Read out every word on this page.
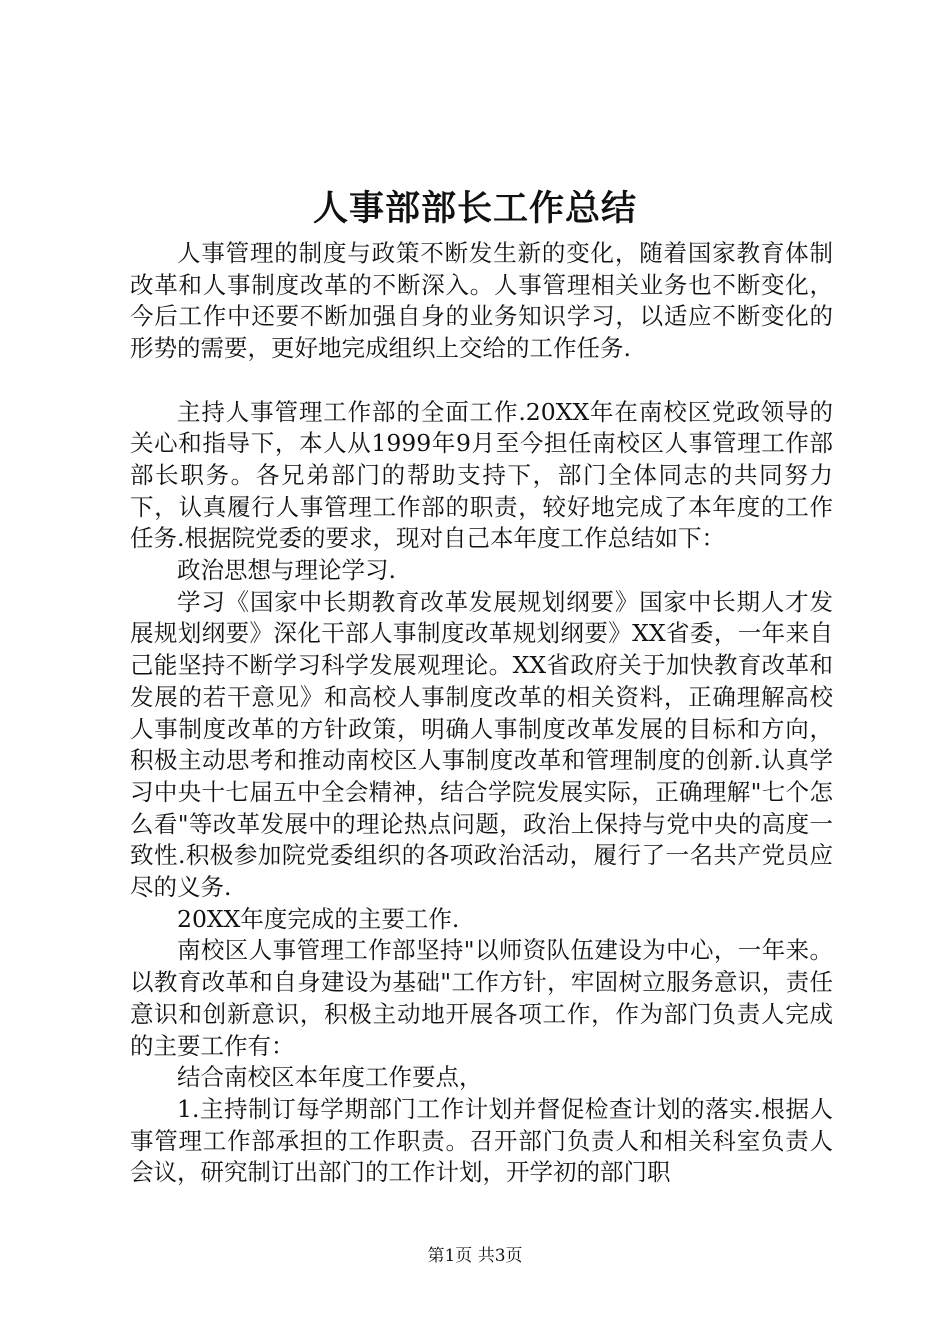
人事部部长工作总结

人事管理的制度与政策不断发生新的变化，随着国家教育体制改革和人事制度改革的不断深入。人事管理相关业务也不断变化，今后工作中还要不断加强自身的业务知识学习，以适应不断变化的形势的需要，更好地完成组织上交给的工作任务.

主持人事管理工作部的全面工作.20XX年在南校区党政领导的关心和指导下，本人从1999年9月至今担任南校区人事管理工作部部长职务。各兄弟部门的帮助支持下，部门全体同志的共同努力下，认真履行人事管理工作部的职责，较好地完成了本年度的工作任务.根据院党委的要求，现对自己本年度工作总结如下：

政治思想与理论学习.

学习《国家中长期教育改革发展规划纲要》国家中长期人才发展规划纲要》深化干部人事制度改革规划纲要》XX省委，一年来自己能坚持不断学习科学发展观理论。XX省政府关于加快教育改革和发展的若干意见》和高校人事制度改革的相关资料，正确理解高校人事制度改革的方针政策，明确人事制度改革发展的目标和方向，积极主动思考和推动南校区人事制度改革和管理制度的创新.认真学习中央十七届五中全会精神，结合学院发展实际，正确理解"七个怎么看"等改革发展中的理论热点问题，政治上保持与党中央的高度一致性.积极参加院党委组织的各项政治活动，履行了一名共产党员应尽的义务.

20XX年度完成的主要工作.

南校区人事管理工作部坚持"以师资队伍建设为中心，一年来。以教育改革和自身建设为基础"工作方针，牢固树立服务意识，责任意识和创新意识，积极主动地开展各项工作，作为部门负责人完成的主要工作有：

结合南校区本年度工作要点，

1.主持制订每学期部门工作计划并督促检查计划的落实.根据人事管理工作部承担的工作职责。召开部门负责人和相关科室负责人会议，研究制订出部门的工作计划，开学初的部门职

第1页 共3页
